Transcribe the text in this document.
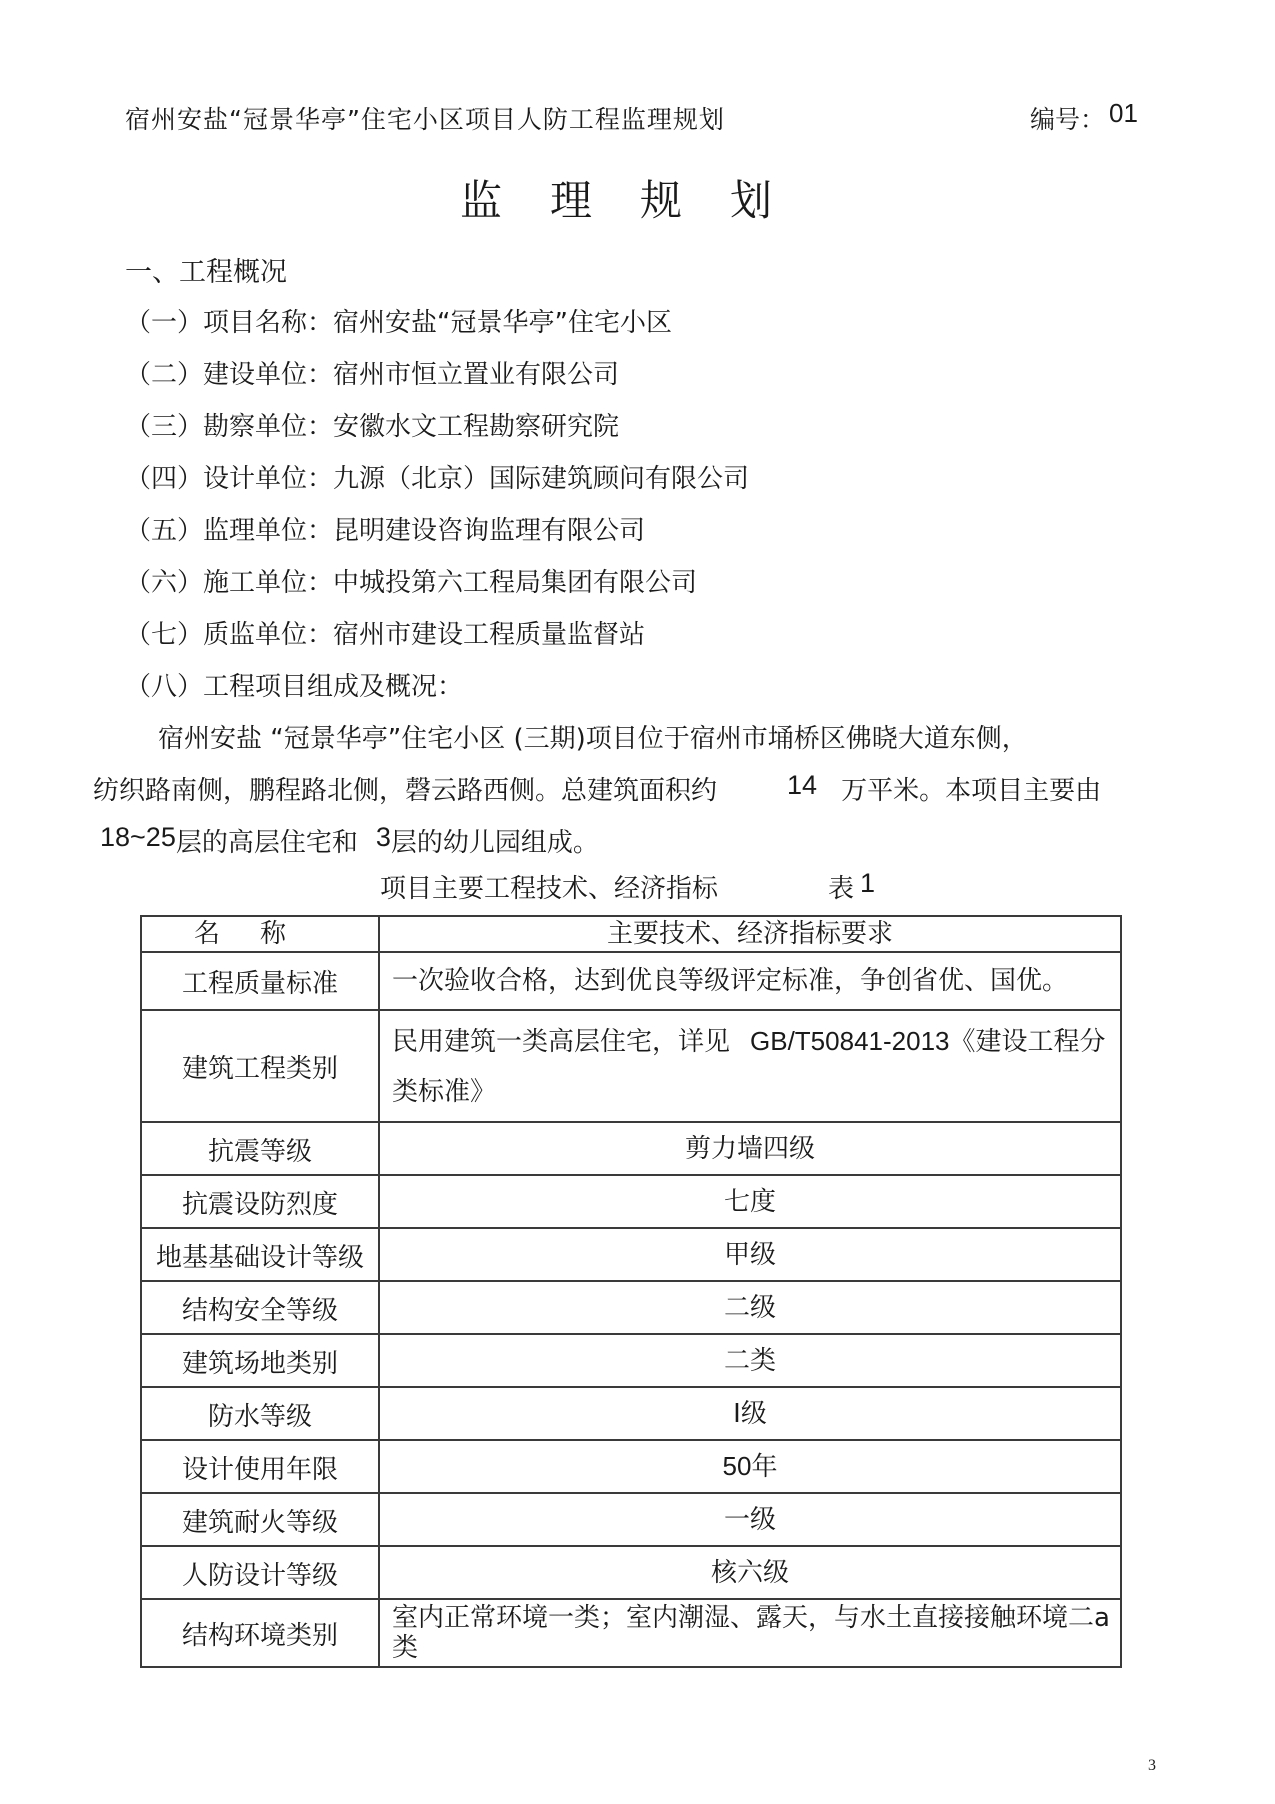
宿州安盐“冠景华亭”住宅小区项目人防工程监理规划	编号： 01
监理规划
一、工程概况
（一）项目名称：宿州安盐“冠景华亭”住宅小区
（二）建设单位：宿州市恒立置业有限公司
（三）勘察单位：安徽水文工程勘察研究院
（四）设计单位：九源（北京）国际建筑顾问有限公司
（五）监理单位：昆明建设咨询监理有限公司
（六）施工单位：中城投第六工程局集团有限公司
（七）质监单位：宿州市建设工程质量监督站
（八）工程项目组成及概况：
宿州安盐 “冠景华亭”住宅小区 (三期)项目位于宿州市埇桥区佛晓大道东侧，
纺织路南侧，鹏程路北侧，磬云路西侧。总建筑面积约	14 万平米。本项目主要由
18~25层的高层住宅和 3层的幼儿园组成。
项目主要工程技术、经济指标	表 1
名称	主要技术、经济指标要求
工程质量标准	一次验收合格，达到优良等级评定标准，争创省优、国优。
建筑工程类别	民用建筑一类高层住宅，详见 GB/T50841-2013《建设工程分类标准》
抗震等级	剪力墙四级
抗震设防烈度	七度
地基基础设计等级	甲级
结构安全等级	二级
建筑场地类别	二类
防水等级	Ⅰ级
设计使用年限	50年
建筑耐火等级	一级
人防设计等级	核六级
结构环境类别	室内正常环境一类；室内潮湿、露天，与水土直接接触环境二a类
3
